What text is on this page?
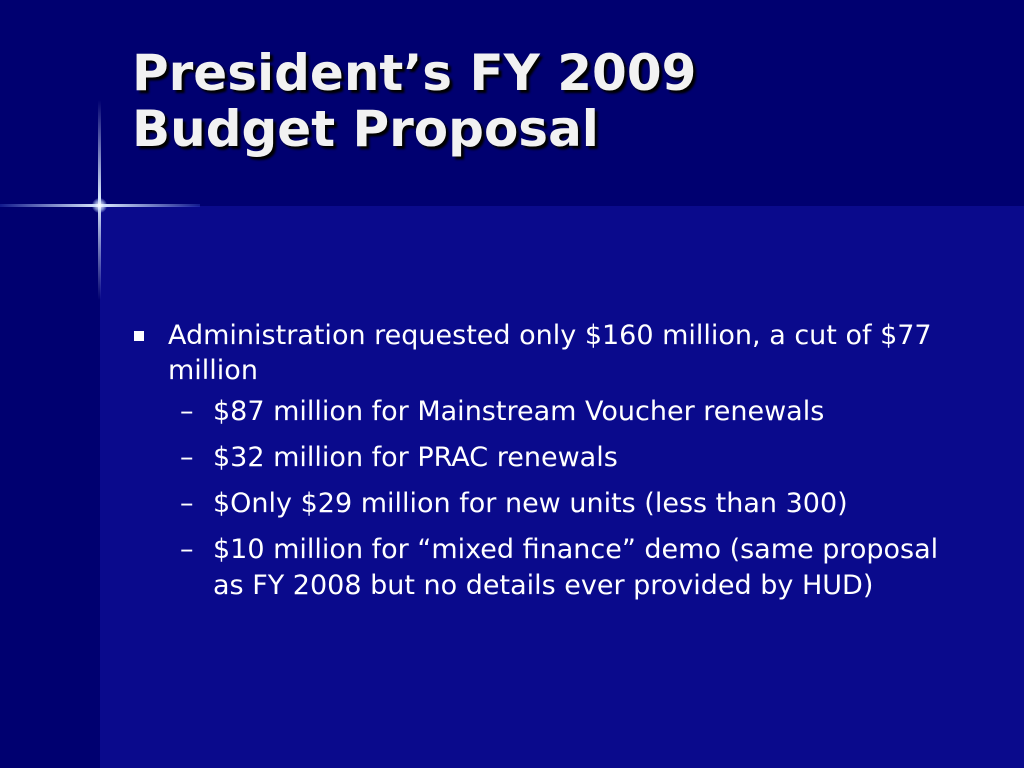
President’s FY 2009
Budget Proposal
Administration requested only $160 million, a cut of $77 million
– $87 million for Mainstream Voucher renewals
– $32 million for PRAC renewals
– $Only $29 million for new units (less than 300)
– $10 million for “mixed finance” demo (same proposal as FY 2008 but no details ever provided by HUD)
